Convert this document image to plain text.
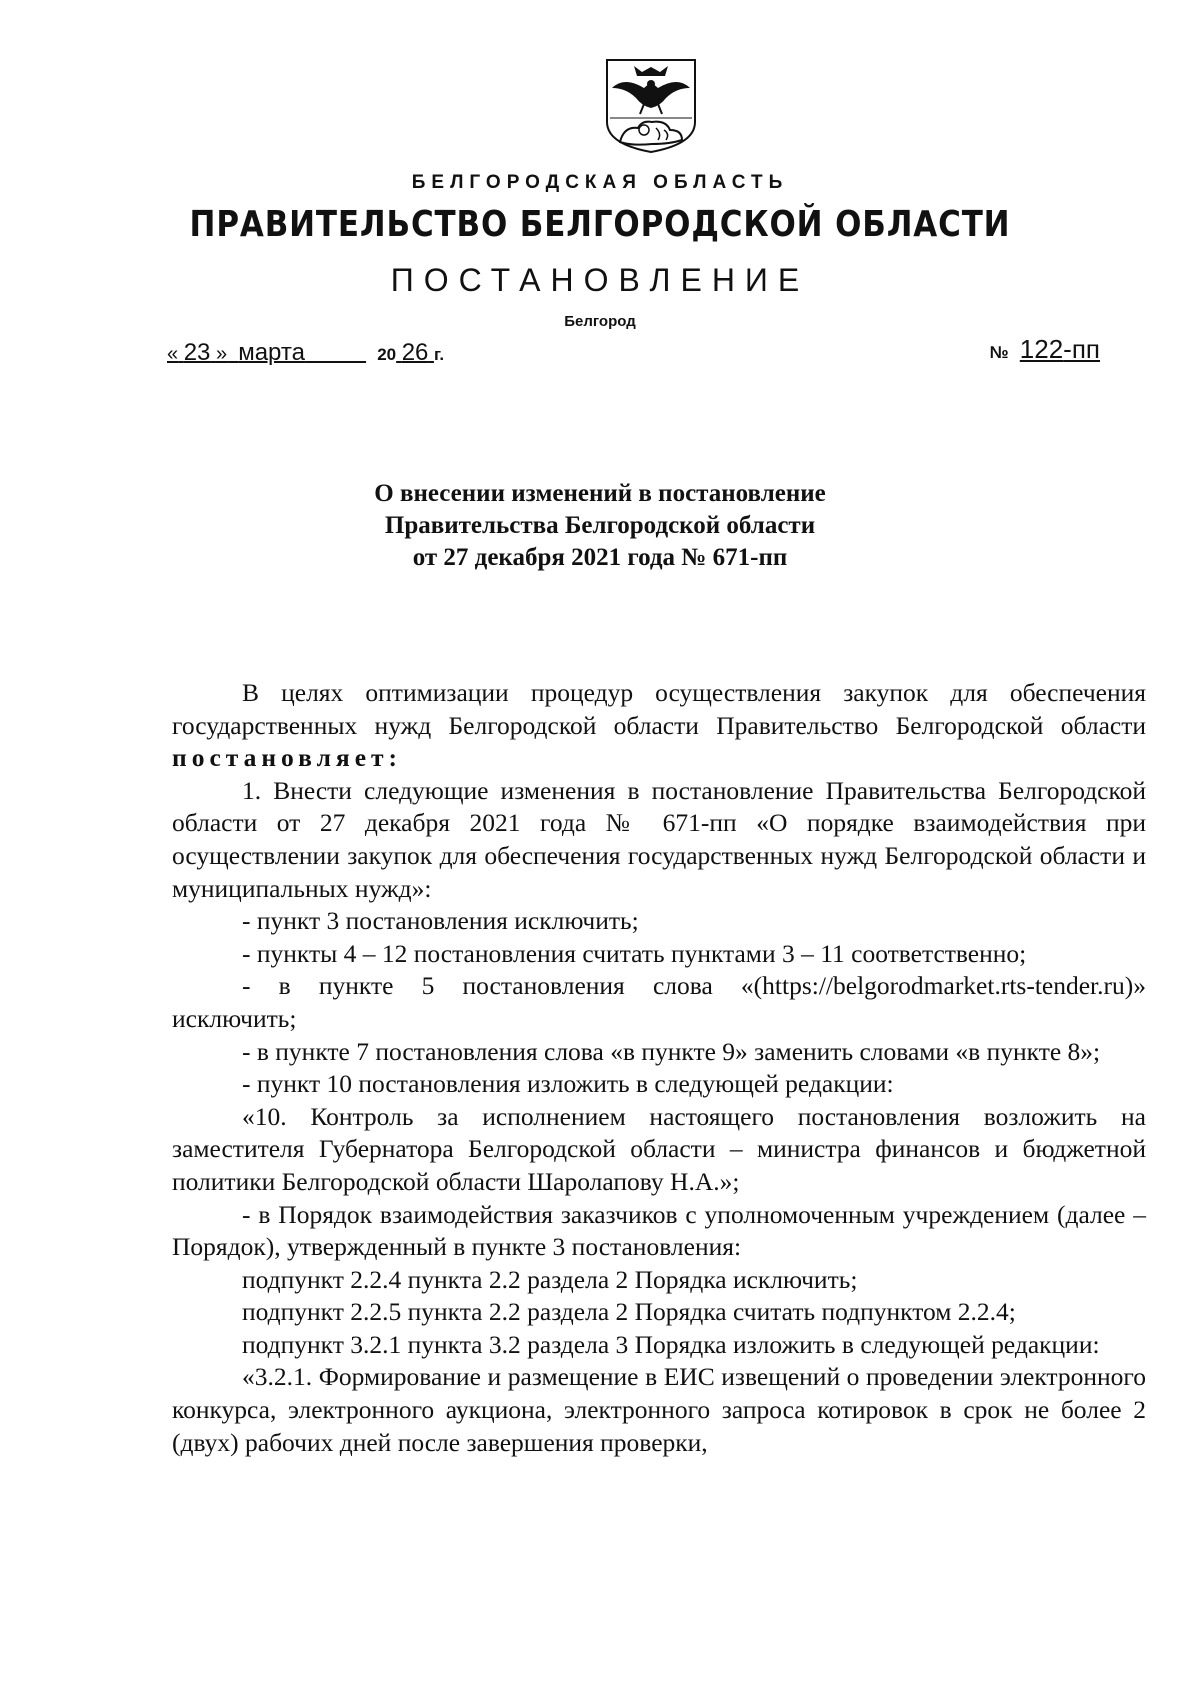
БЕЛГОРОДСКАЯ ОБЛАСТЬ
ПРАВИТЕЛЬСТВО БЕЛГОРОДСКОЙ ОБЛАСТИ
ПОСТАНОВЛЕНИЕ
Белгород
« 23 » марта	20 26 г.	№ 122-пп
О внесении изменений в постановление
Правительства Белгородской области
от 27 декабря 2021 года № 671-пп

В целях оптимизации процедур осуществления закупок для обеспечения государственных нужд Белгородской области Правительство Белгородской области постановляет:

1. Внести следующие изменения в постановление Правительства Белгородской области от 27 декабря 2021 года № 671-пп «О порядке взаимодействия при осуществлении закупок для обеспечения государственных нужд Белгородской области и муниципальных нужд»:

- пункт 3 постановления исключить;

- пункты 4 – 12 постановления считать пунктами 3 – 11 соответственно;

- в пункте 5 постановления слова «(https://belgorodmarket.rts-tender.ru)» исключить;

- в пункте 7 постановления слова «в пункте 9» заменить словами «в пункте 8»;

- пункт 10 постановления изложить в следующей редакции:

«10. Контроль за исполнением настоящего постановления возложить на заместителя Губернатора Белгородской области – министра финансов и бюджетной политики Белгородской области Шаролапову Н.А.»;

- в Порядок взаимодействия заказчиков с уполномоченным учреждением (далее – Порядок), утвержденный в пункте 3 постановления:

подпункт 2.2.4 пункта 2.2 раздела 2 Порядка исключить;

подпункт 2.2.5 пункта 2.2 раздела 2 Порядка считать подпунктом 2.2.4;

подпункт 3.2.1 пункта 3.2 раздела 3 Порядка изложить в следующей редакции:

«3.2.1. Формирование и размещение в ЕИС извещений о проведении электронного конкурса, электронного аукциона, электронного запроса котировок в срок не более 2 (двух) рабочих дней после завершения проверки,
